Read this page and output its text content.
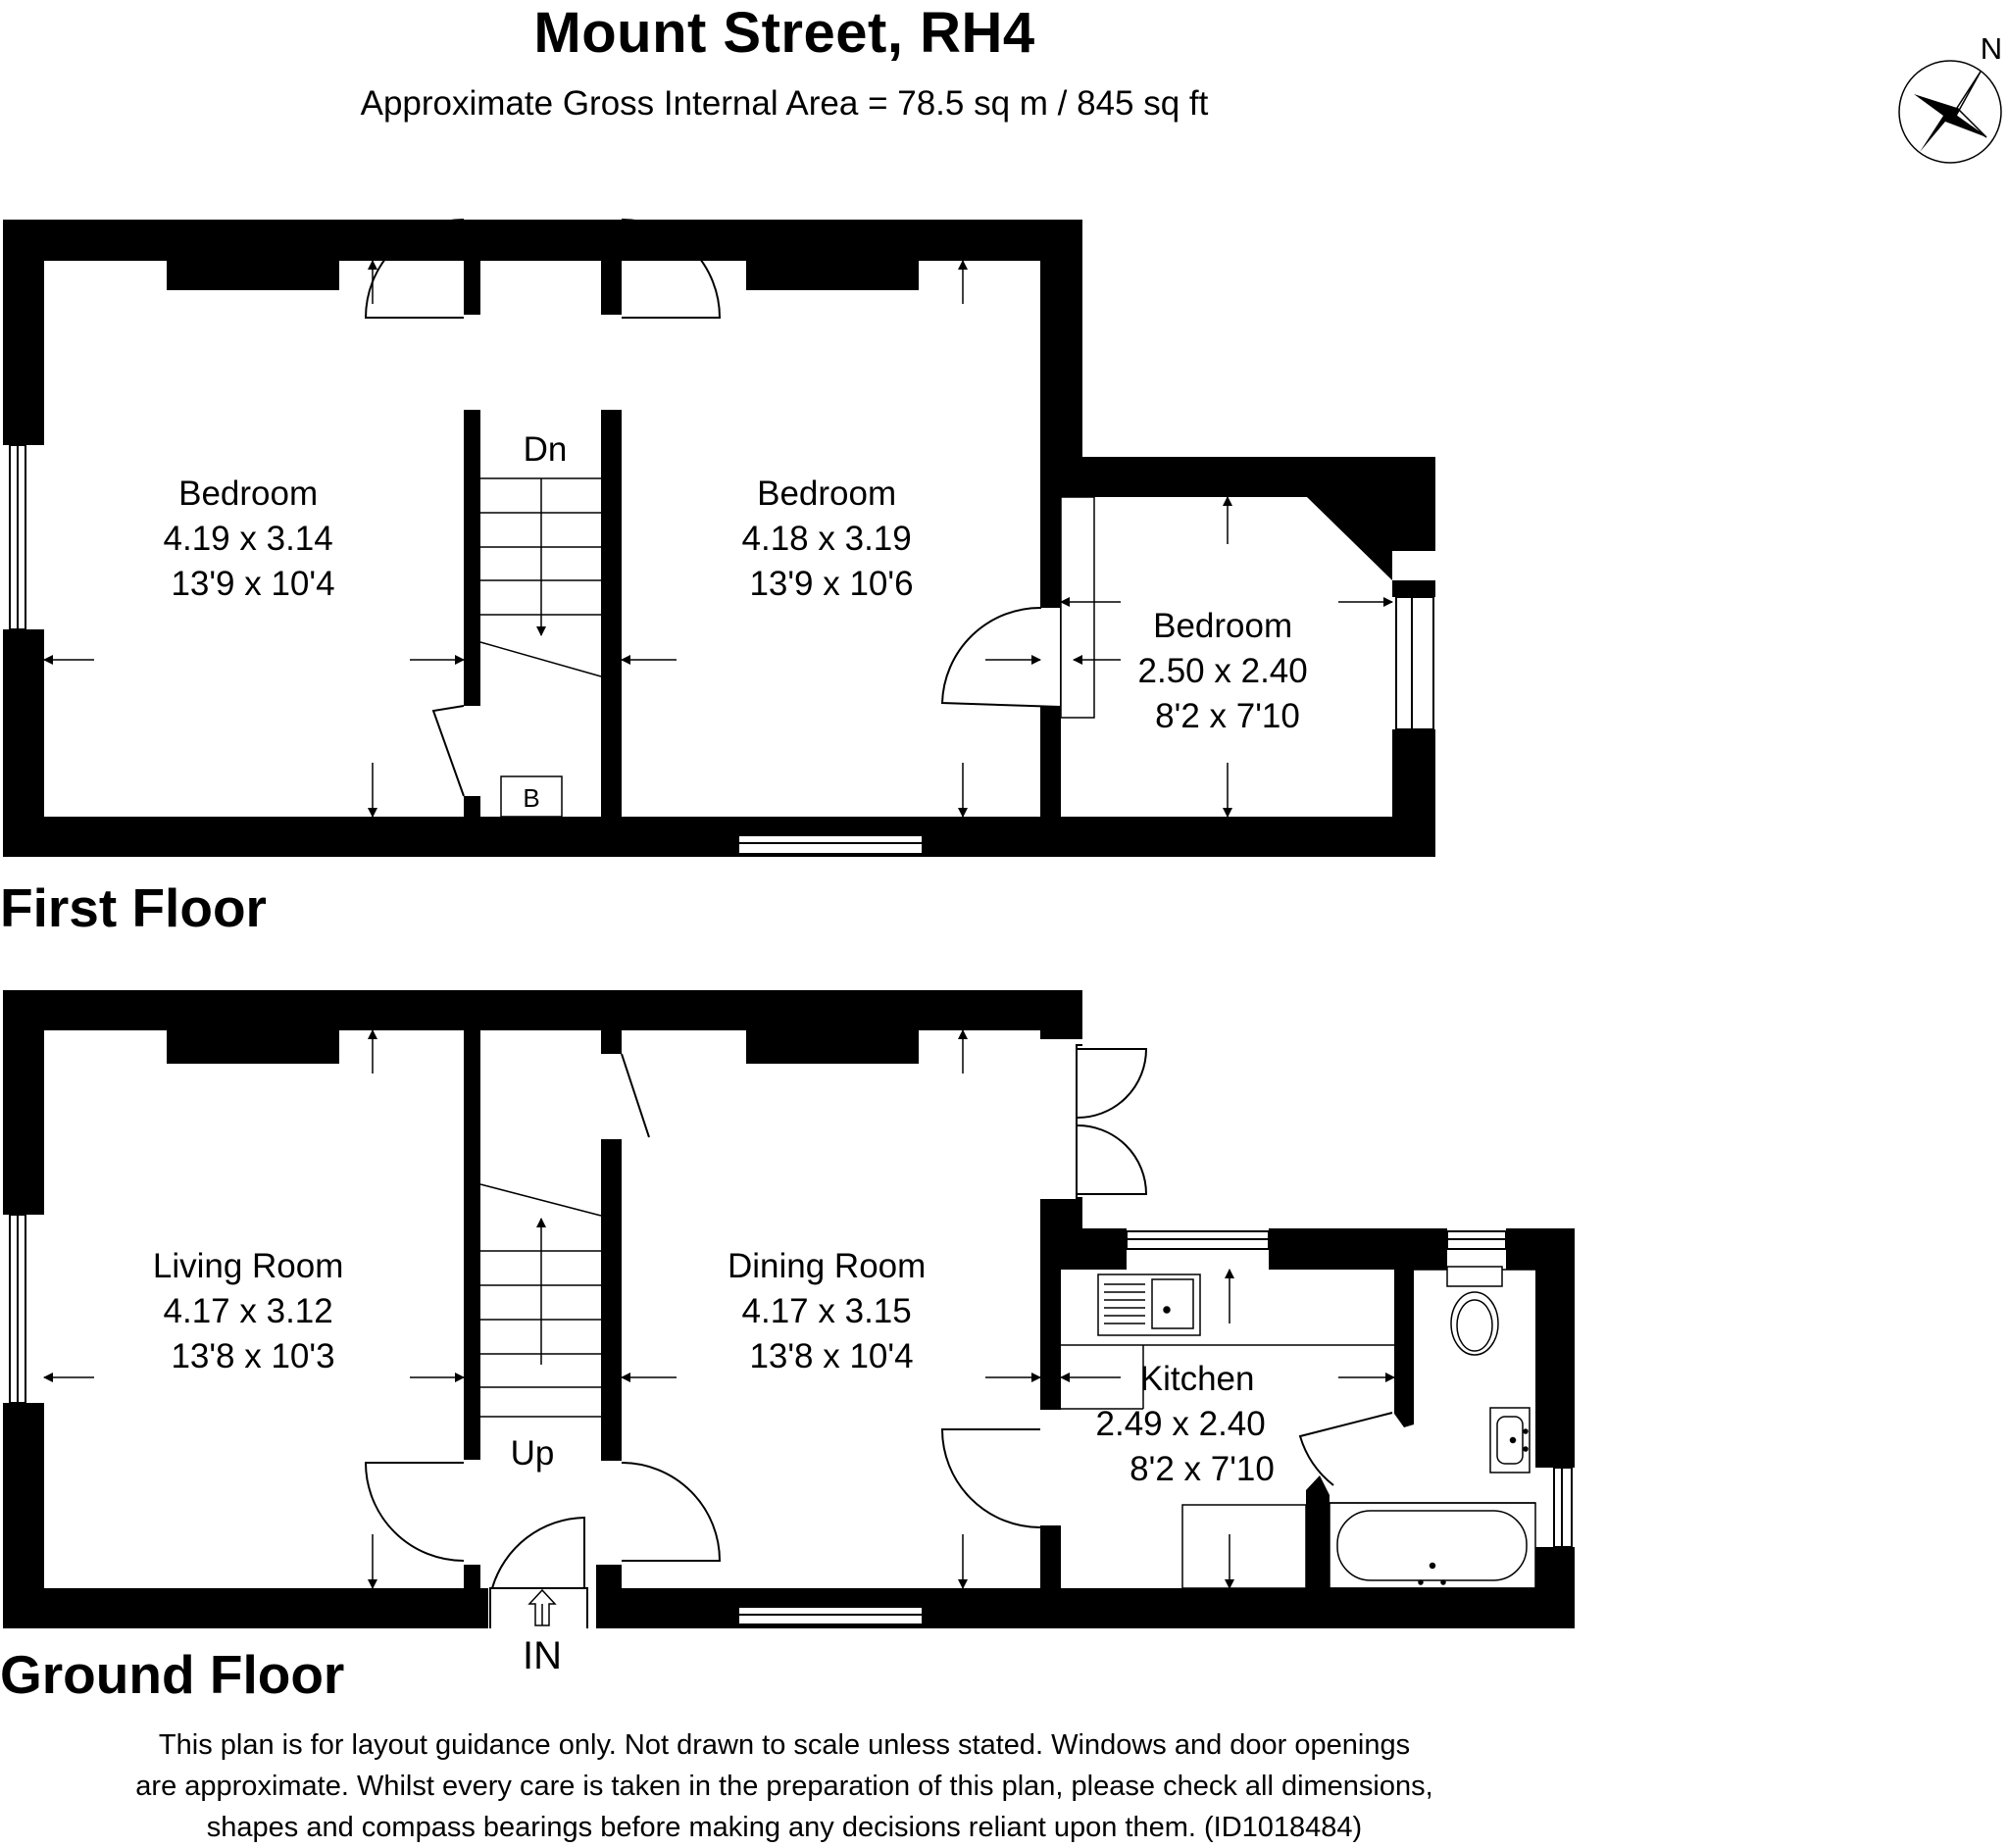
Mount Street, RH4
Approximate Gross Internal Area = 78.5 sq m / 845 sq ft
N
B
Bedroom 4.19 x 3.14 13'9 x 10'4
Bedroom 4.18 x 3.19 13'9 x 10'6
Bedroom 2.50 x 2.40 8'2 x 7'10
Dn
Living Room 4.17 x 3.12 13'8 x 10'3
Dining Room 4.17 x 3.15 13'8 x 10'4
Kitchen 2.49 x 2.40 8'2 x 7'10
Up
IN
First Floor
Ground Floor
This plan is for layout guidance only. Not drawn to scale unless stated. Windows and door openings
are approximate. Whilst every care is taken in the preparation of this plan, please check all dimensions,
shapes and compass bearings before making any decisions reliant upon them. (ID1018484)
